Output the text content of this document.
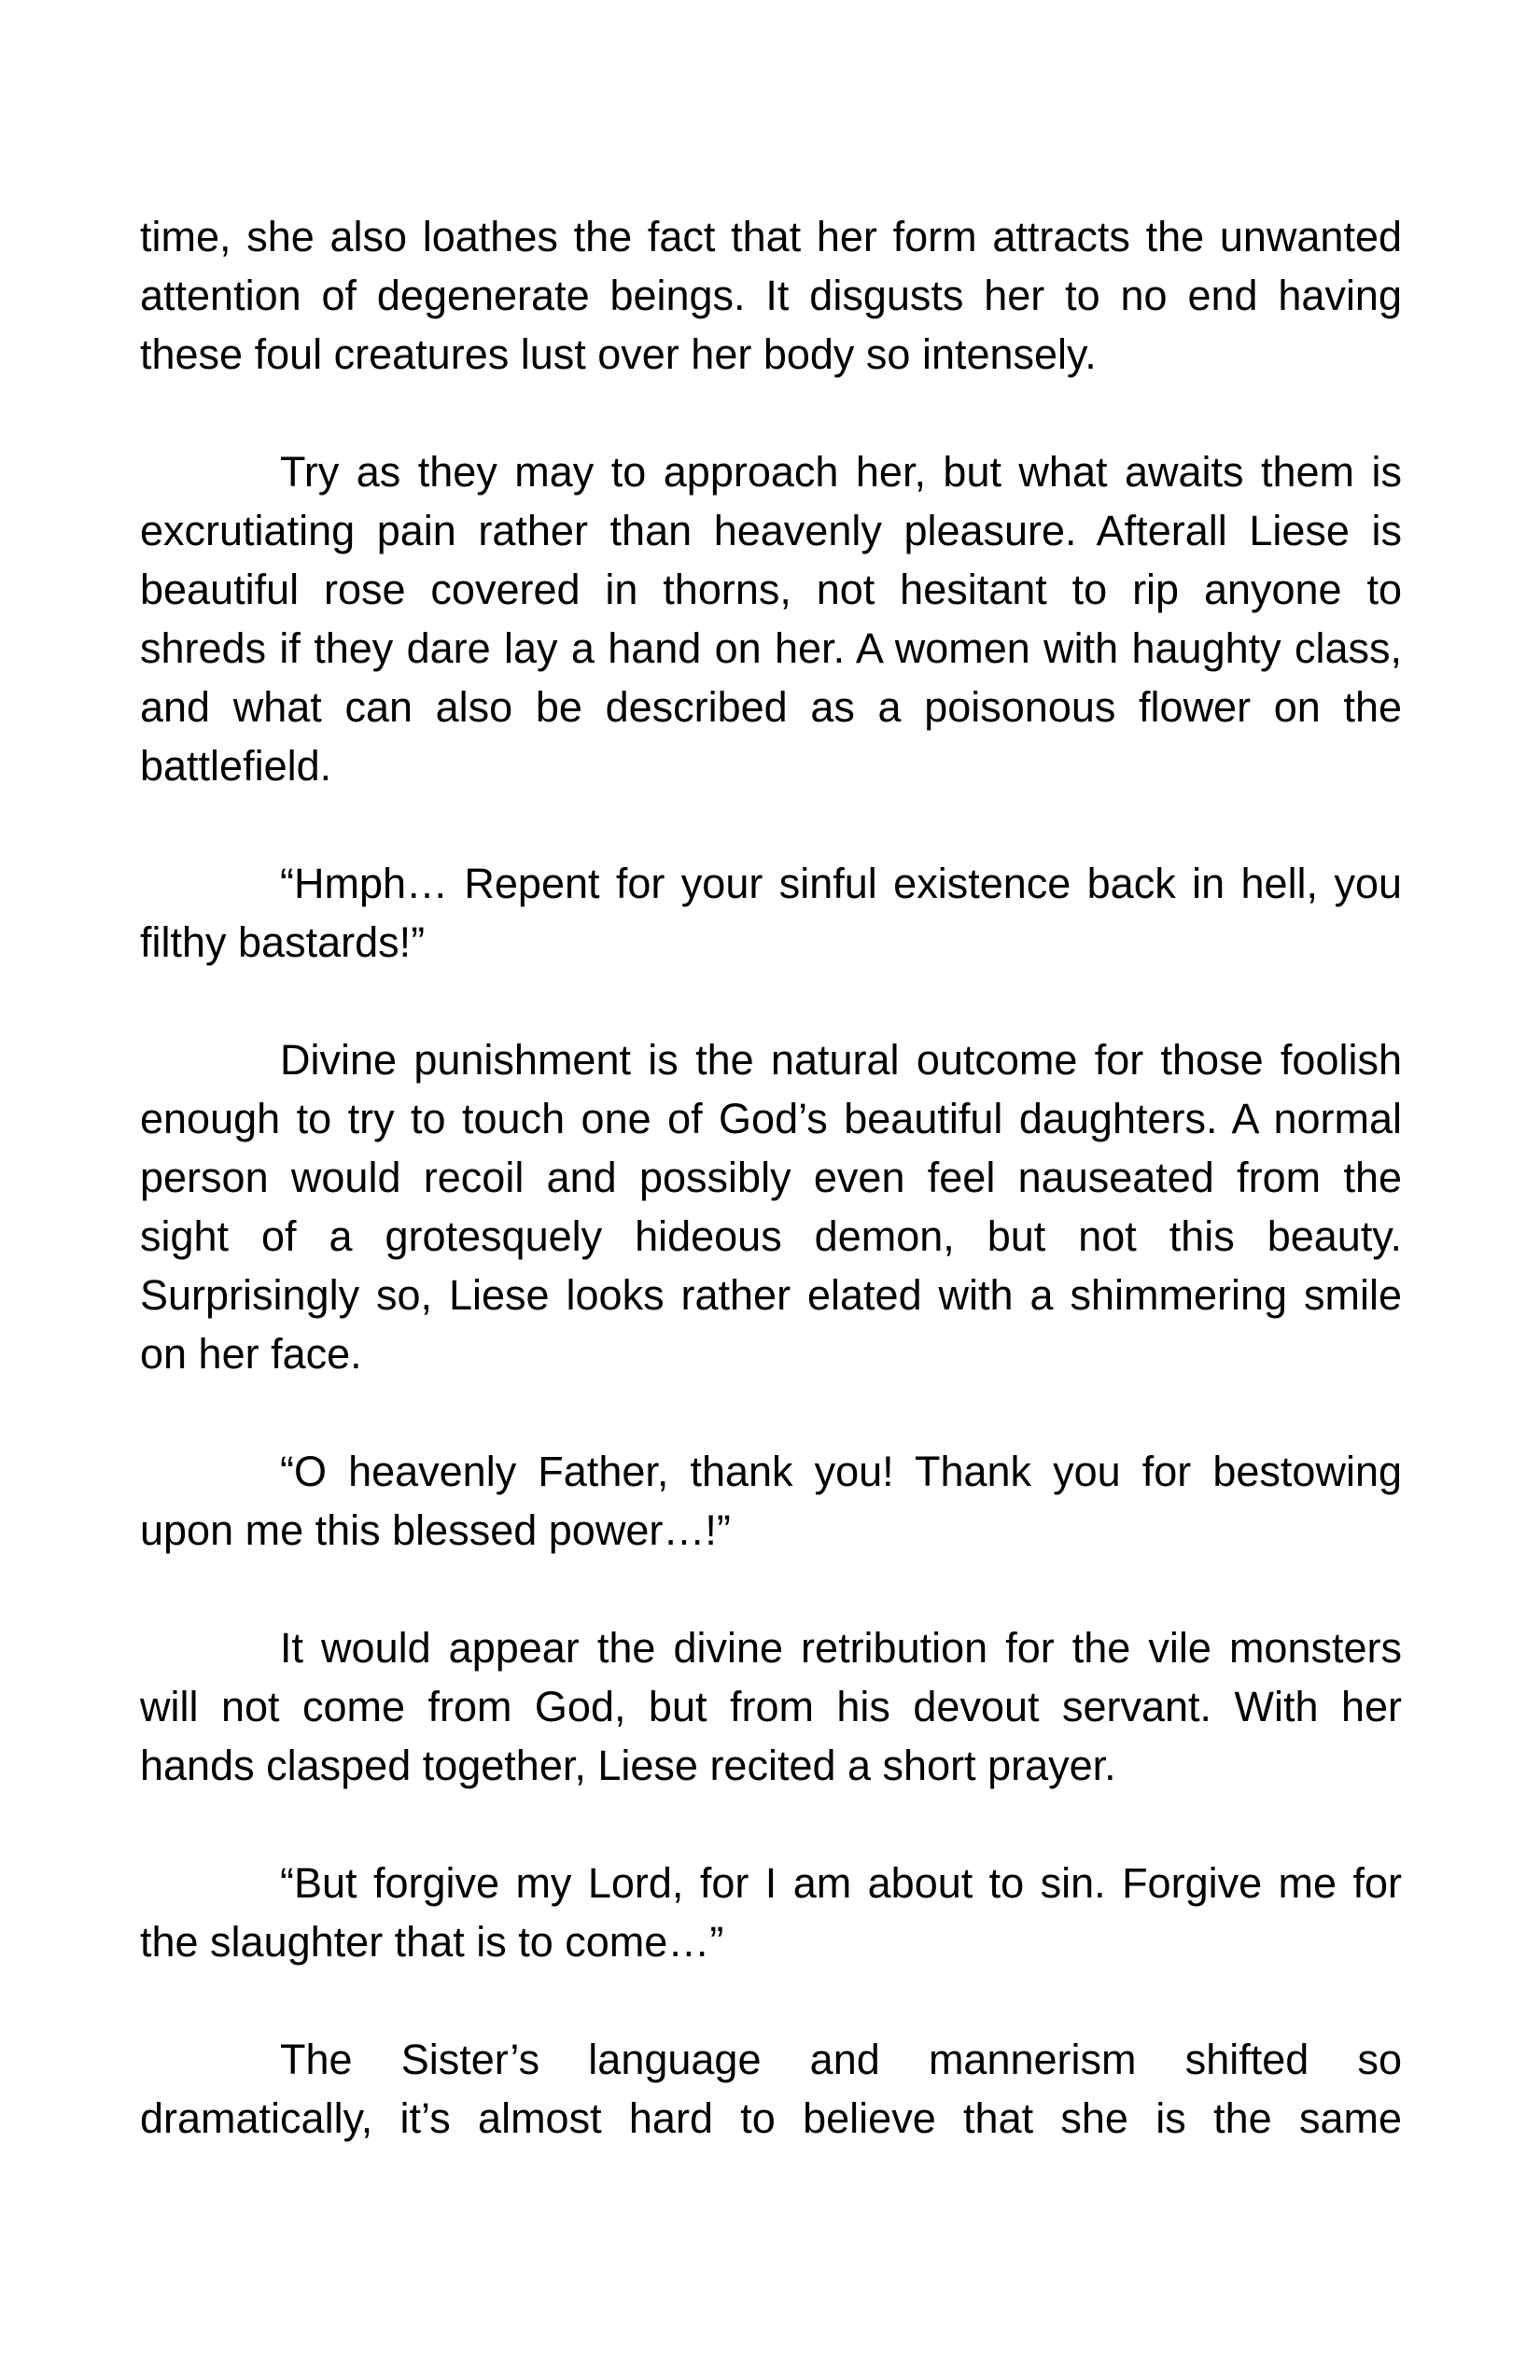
time, she also loathes the fact that her form attracts the unwanted attention of degenerate beings. It disgusts her to no end having these foul creatures lust over her body so intensely.

Try as they may to approach her, but what awaits them is excrutiating pain rather than heavenly pleasure. Afterall Liese is beautiful rose covered in thorns, not hesitant to rip anyone to shreds if they dare lay a hand on her. A women with haughty class, and what can also be described as a poisonous flower on the battlefield.

“Hmph… Repent for your sinful existence back in hell, you filthy bastards!”

Divine punishment is the natural outcome for those foolish enough to try to touch one of God’s beautiful daughters. A normal person would recoil and possibly even feel nauseated from the sight of a grotesquely hideous demon, but not this beauty. Surprisingly so, Liese looks rather elated with a shimmering smile on her face.

“O heavenly Father, thank you! Thank you for bestowing upon me this blessed power…!”

It would appear the divine retribution for the vile monsters will not come from God, but from his devout servant. With her hands clasped together, Liese recited a short prayer.

“But forgive my Lord, for I am about to sin. Forgive me for the slaughter that is to come…”

The Sister’s language and mannerism shifted so dramatically, it’s almost hard to believe that she is the same
